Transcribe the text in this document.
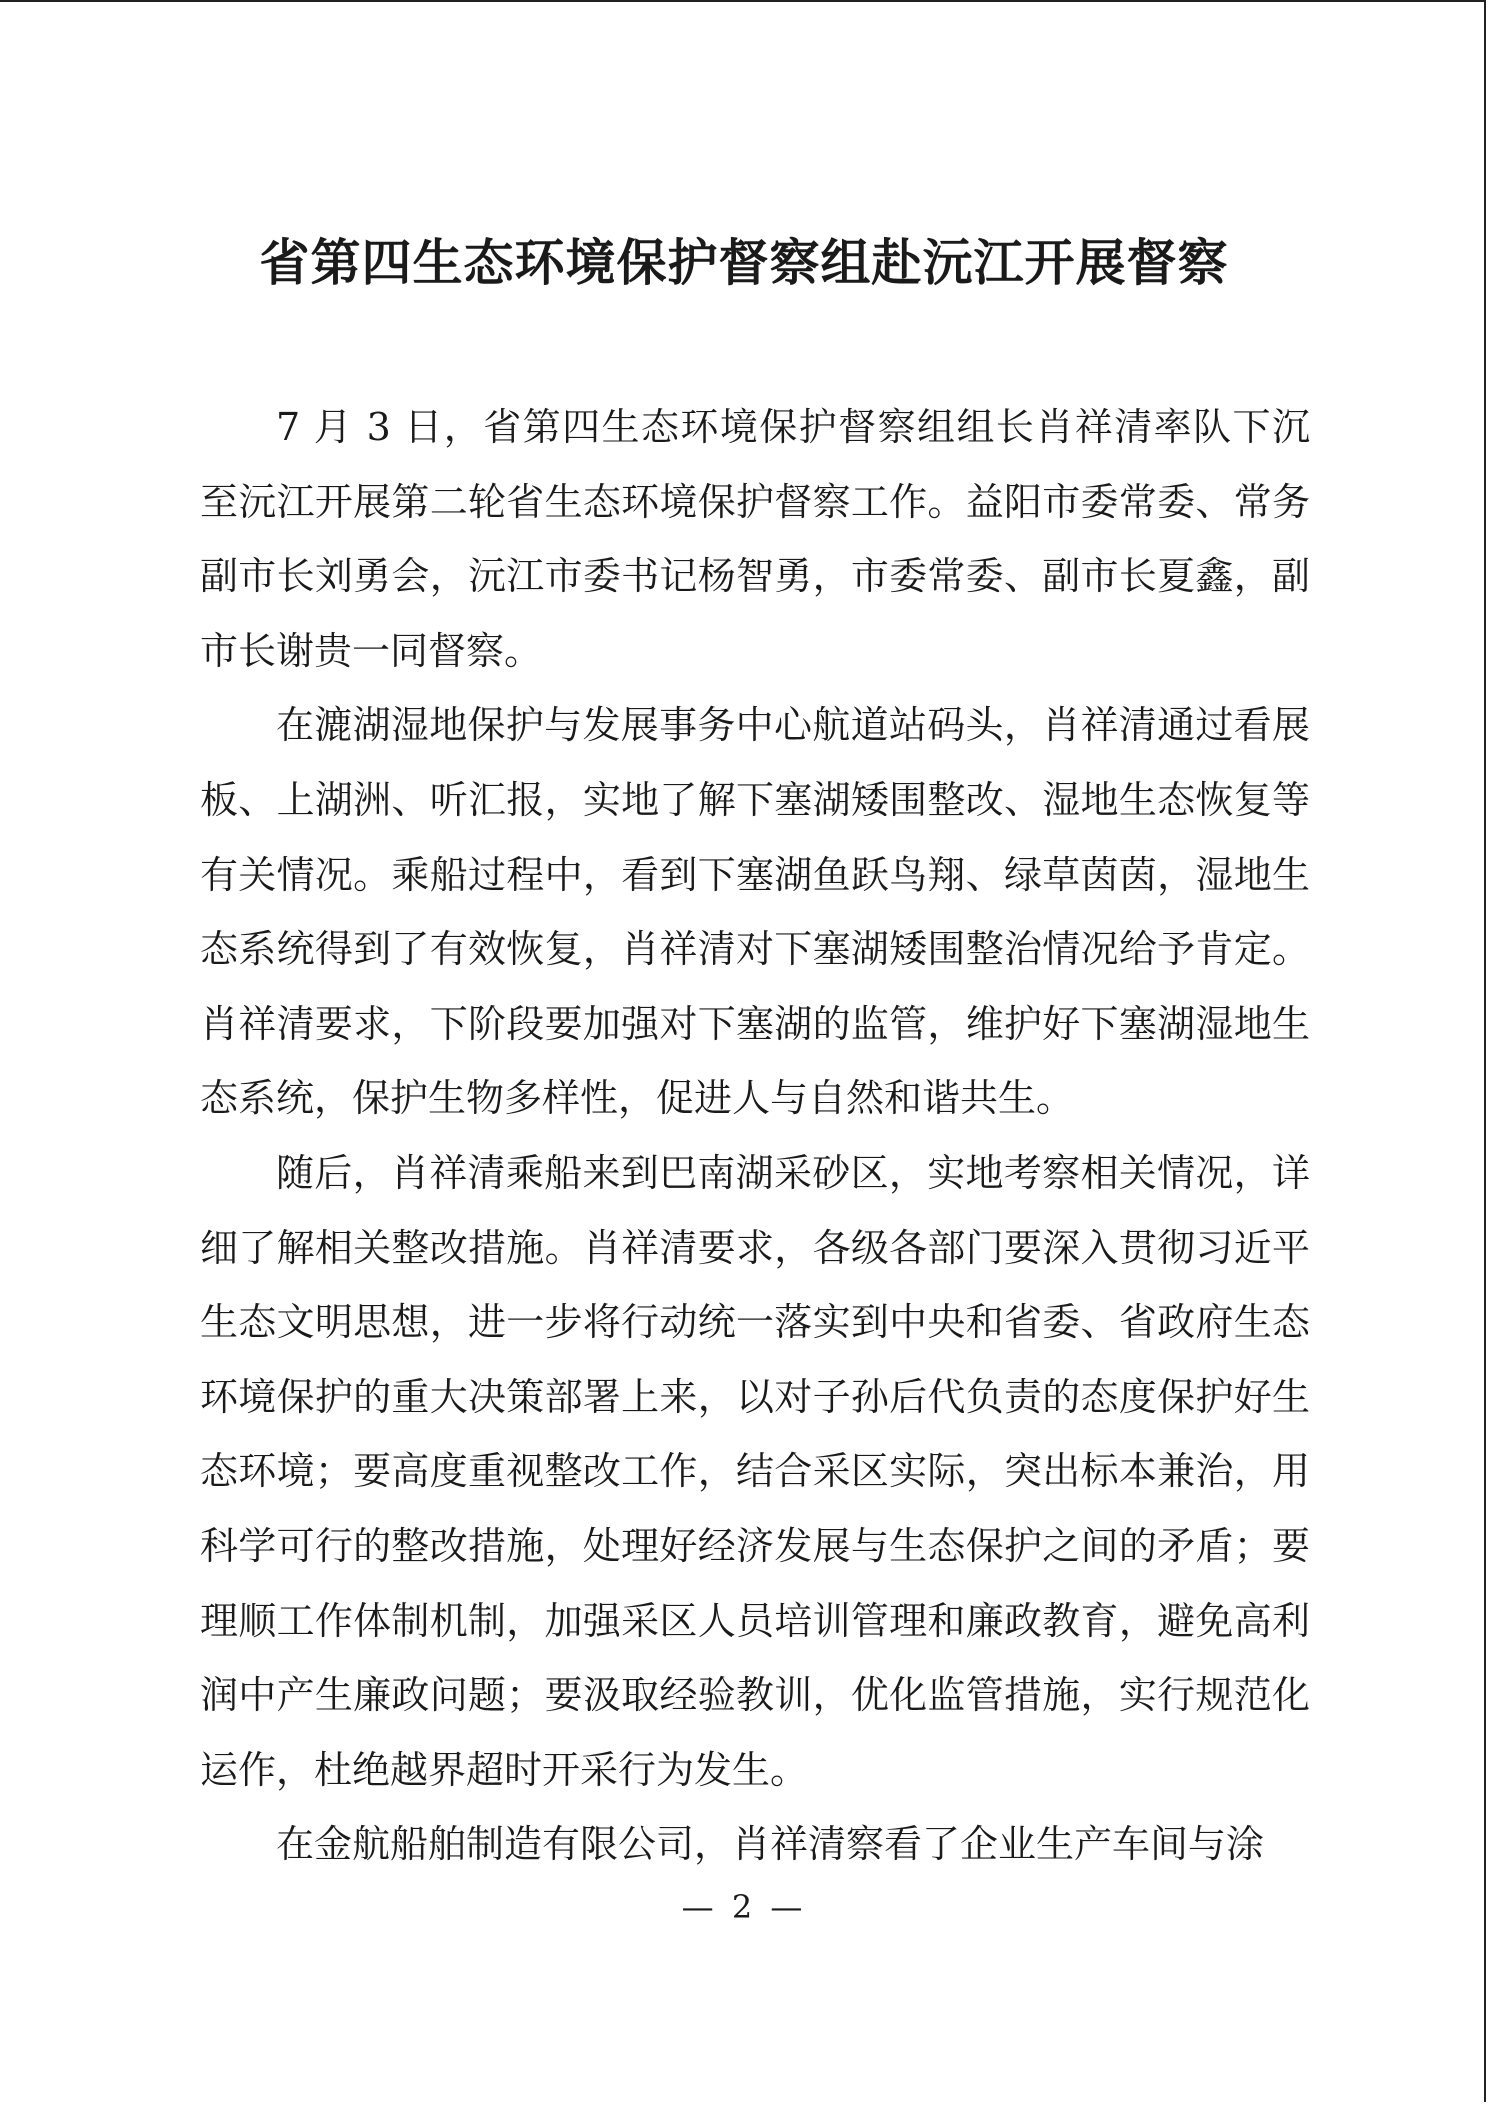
省第四生态环境保护督察组赴沅江开展督察

7 月 3 日，省第四生态环境保护督察组组长肖祥清率队下沉至沅江开展第二轮省生态环境保护督察工作。益阳市委常委、常务副市长刘勇会，沅江市委书记杨智勇，市委常委、副市长夏鑫，副市长谢贵一同督察。

在漉湖湿地保护与发展事务中心航道站码头，肖祥清通过看展板、上湖洲、听汇报，实地了解下塞湖矮围整改、湿地生态恢复等有关情况。乘船过程中，看到下塞湖鱼跃鸟翔、绿草茵茵，湿地生态系统得到了有效恢复，肖祥清对下塞湖矮围整治情况给予肯定。肖祥清要求，下阶段要加强对下塞湖的监管，维护好下塞湖湿地生态系统，保护生物多样性，促进人与自然和谐共生。

随后，肖祥清乘船来到巴南湖采砂区，实地考察相关情况，详细了解相关整改措施。肖祥清要求，各级各部门要深入贯彻习近平生态文明思想，进一步将行动统一落实到中央和省委、省政府生态环境保护的重大决策部署上来，以对子孙后代负责的态度保护好生态环境；要高度重视整改工作，结合采区实际，突出标本兼治，用科学可行的整改措施，处理好经济发展与生态保护之间的矛盾；要理顺工作体制机制，加强采区人员培训管理和廉政教育，避免高利润中产生廉政问题；要汲取经验教训，优化监管措施，实行规范化运作，杜绝越界超时开采行为发生。

在金航船舶制造有限公司，肖祥清察看了企业生产车间与涂

— 2 —
